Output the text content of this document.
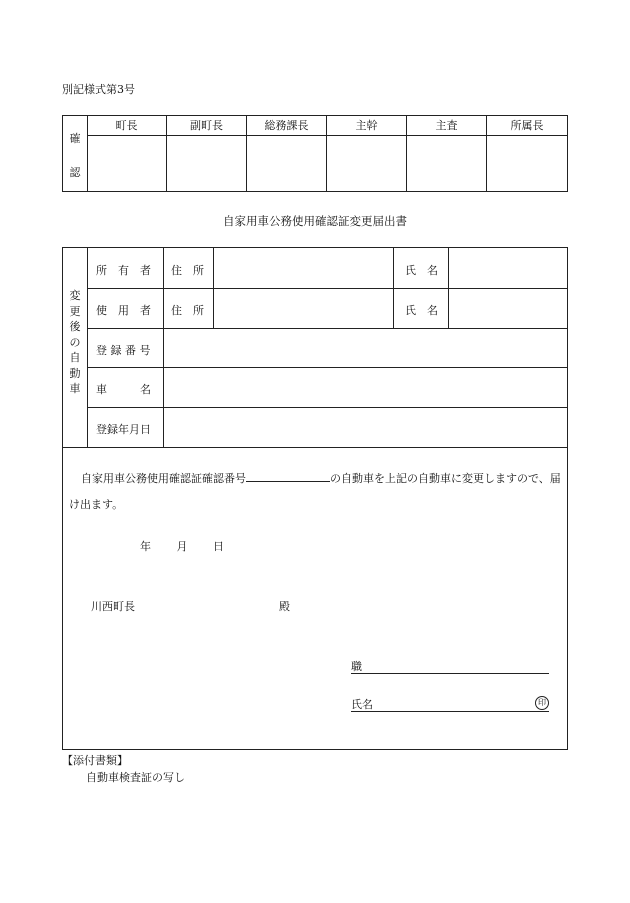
別記様式第3号
確
認
町長	副町長	総務課長	主幹	主査	所属長
自家用車公務使用確認証変更届出書
変
更
後
の
自
動
車
所　有　者 住　所	氏　名
使　用　者 住　所	氏　名
登 録 番 号
車　　　名
登録年月日
自家用車公務使用確認証確認番号	の自動車を上記の自動車に変更しますので、届け出ます。
年 月 日
川西町長	殿
職
氏名	印
【添付書類】
自動車検査証の写し
